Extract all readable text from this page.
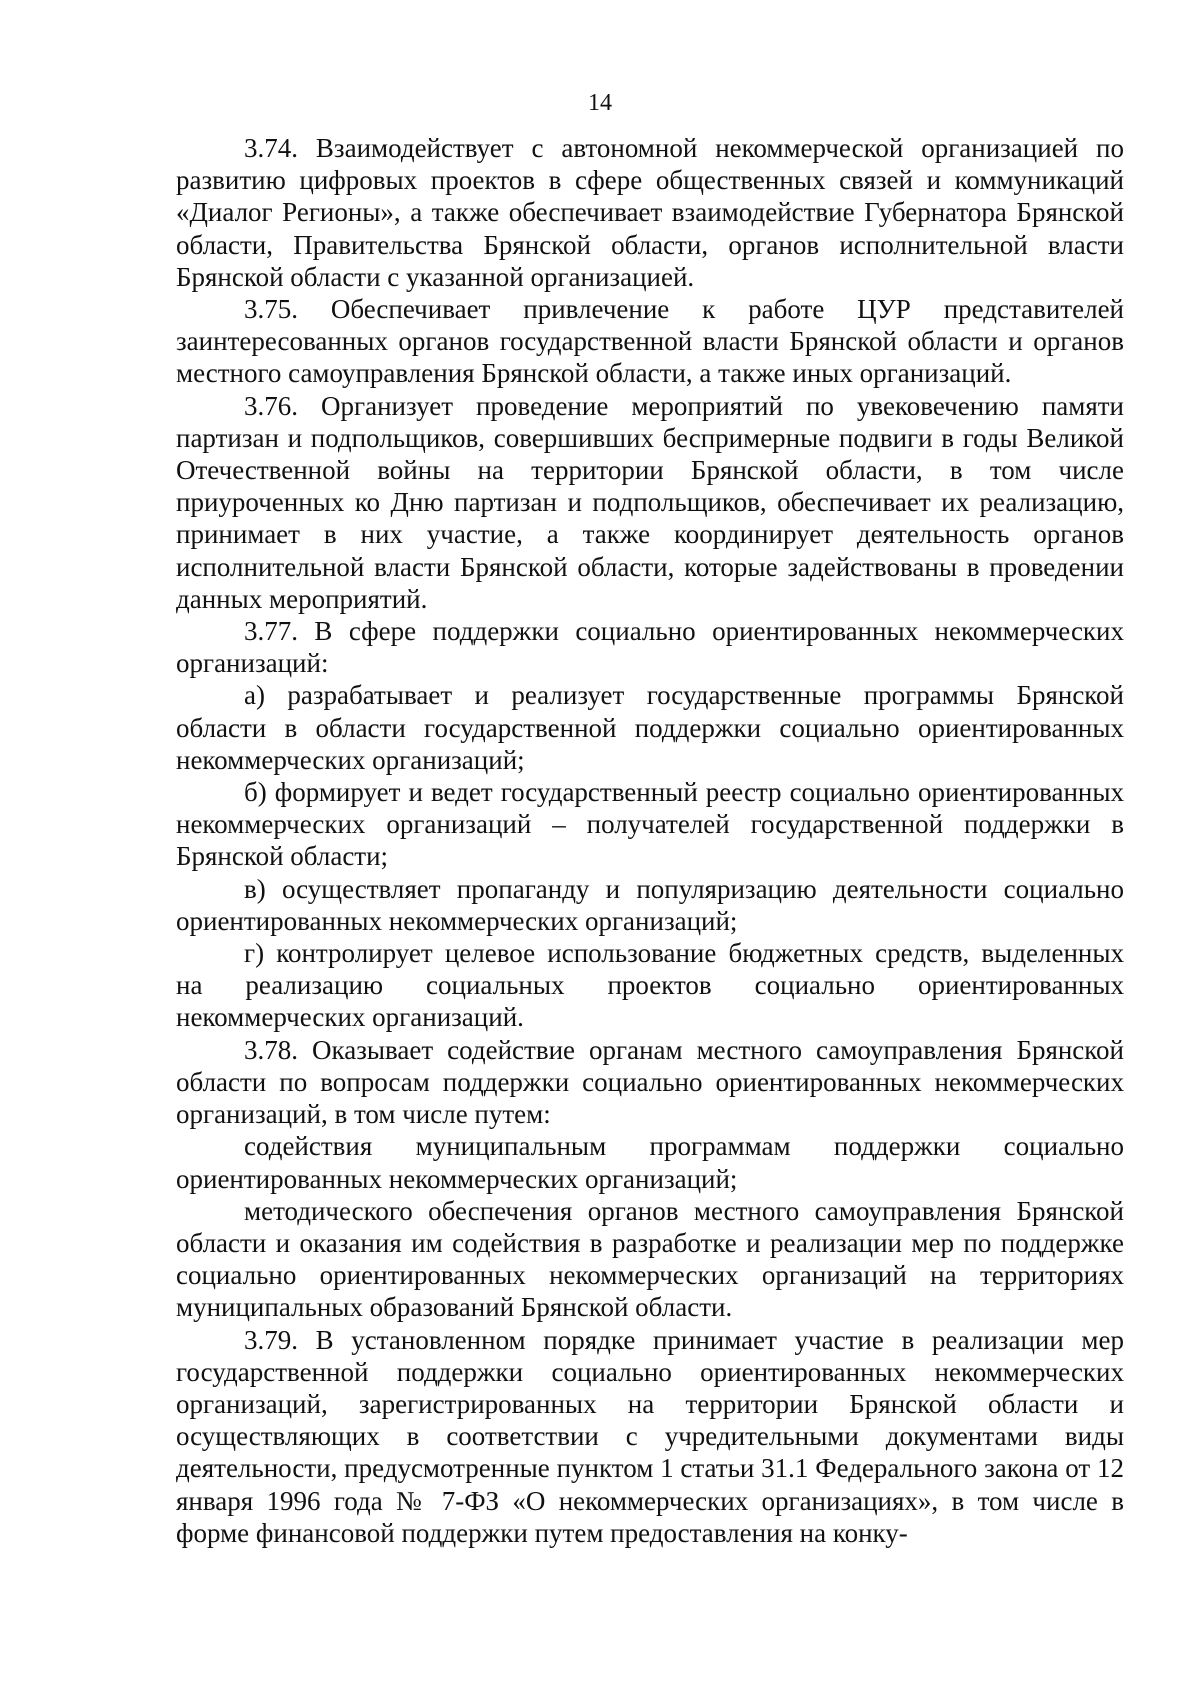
14

3.74. Взаимодействует с автономной некоммерческой организацией по развитию цифровых проектов в сфере общественных связей и коммуникаций «Диалог Регионы», а также обеспечивает взаимодействие Губернатора Брянской области, Правительства Брянской области, органов исполнительной власти Брянской области с указанной организацией.

3.75. Обеспечивает привлечение к работе ЦУР представителей заинтересованных органов государственной власти Брянской области и органов местного самоуправления Брянской области, а также иных организаций.

3.76. Организует проведение мероприятий по увековечению памяти партизан и подпольщиков, совершивших беспримерные подвиги в годы Великой Отечественной войны на территории Брянской области, в том числе приуроченных ко Дню партизан и подпольщиков, обеспечивает их реализацию, принимает в них участие, а также координирует деятельность органов исполнительной власти Брянской области, которые задействованы в проведении данных мероприятий.

3.77. В сфере поддержки социально ориентированных некоммерческих организаций:

а) разрабатывает и реализует государственные программы Брянской области в области государственной поддержки социально ориентированных некоммерческих организаций;

б) формирует и ведет государственный реестр социально ориентированных некоммерческих организаций – получателей государственной поддержки в Брянской области;

в) осуществляет пропаганду и популяризацию деятельности социально ориентированных некоммерческих организаций;

г) контролирует целевое использование бюджетных средств, выделенных на реализацию социальных проектов социально ориентированных некоммерческих организаций.

3.78. Оказывает содействие органам местного самоуправления Брянской области по вопросам поддержки социально ориентированных некоммерческих организаций, в том числе путем:

содействия муниципальным программам поддержки социально ориентированных некоммерческих организаций;

методического обеспечения органов местного самоуправления Брянской области и оказания им содействия в разработке и реализации мер по поддержке социально ориентированных некоммерческих организаций на территориях муниципальных образований Брянской области.

3.79. В установленном порядке принимает участие в реализации мер государственной поддержки социально ориентированных некоммерческих организаций, зарегистрированных на территории Брянской области и осуществляющих в соответствии с учредительными документами виды деятельности, предусмотренные пунктом 1 статьи 31.1 Федерального закона от 12 января 1996 года № 7-ФЗ «О некоммерческих организациях», в том числе в форме финансовой поддержки путем предоставления на конку-
